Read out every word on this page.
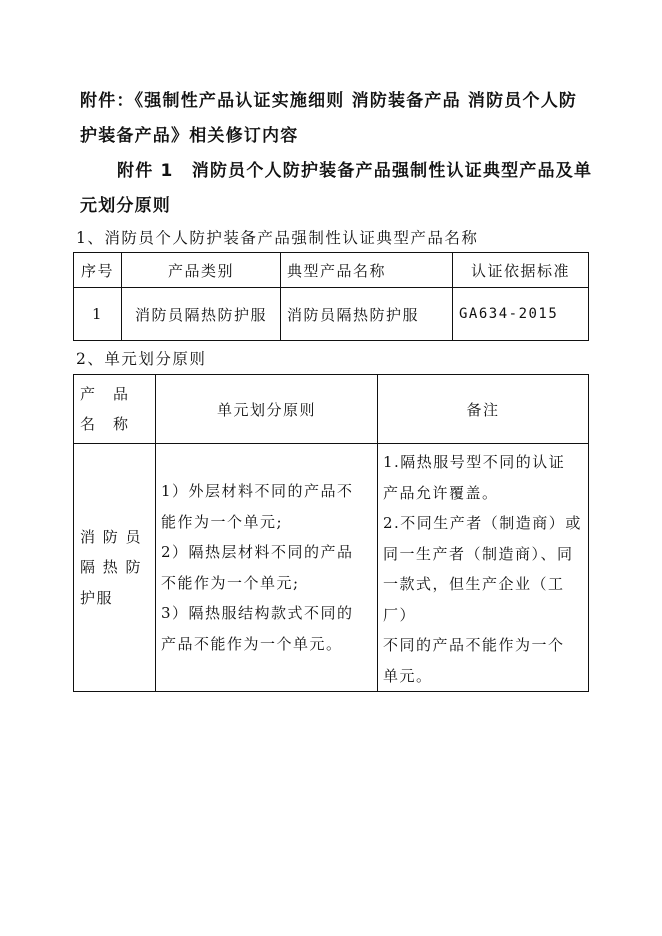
附件：《强制性产品认证实施细则 消防装备产品 消防员个人防
护装备产品》相关修订内容
附件 1　消防员个人防护装备产品强制性认证典型产品及单
元划分原则
1、消防员个人防护装备产品强制性认证典型产品名称
序号	产品类别	典型产品名称	认证依据标准
1	消防员隔热防护服	消防员隔热防护服	GA634-2015
2、单元划分原则
产　品
名　称	单元划分原则	备注

消 防 员
隔 热 防
护服

1）外层材料不同的产品不
能作为一个单元;
2）隔热层材料不同的产品
不能作为一个单元;
3）隔热服结构款式不同的
产品不能作为一个单元。

1.隔热服号型不同的认证
产品允许覆盖。
2.不同生产者（制造商）或
同一生产者（制造商）、同
一款式，但生产企业（工厂）
不同的产品不能作为一个
单元。
